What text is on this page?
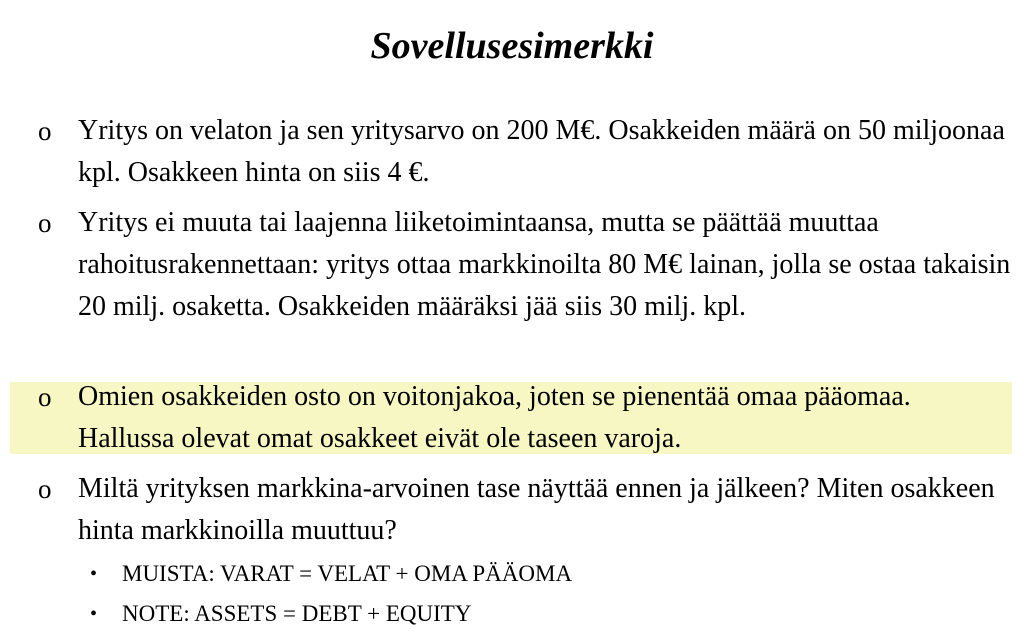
Sovellusesimerkki
o Yritys on velaton ja sen yritysarvo on 200 M€. Osakkeiden määrä on 50 miljoonaa kpl. Osakkeen hinta on siis 4 €.
o Yritys ei muuta tai laajenna liiketoimintaansa, mutta se päättää muuttaa rahoitusrakennettaan: yritys ottaa markkinoilta 80 M€ lainan, jolla se ostaa takaisin 20 milj. osaketta. Osakkeiden määräksi jää siis 30 milj. kpl.
o Omien osakkeiden osto on voitonjakoa, joten se pienentää omaa pääomaa. Hallussa olevat omat osakkeet eivät ole taseen varoja.
o Miltä yrityksen markkina-arvoinen tase näyttää ennen ja jälkeen? Miten osakkeen hinta markkinoilla muuttuu?
• MUISTA: VARAT = VELAT + OMA PÄÄOMA
• NOTE: ASSETS = DEBT + EQUITY
